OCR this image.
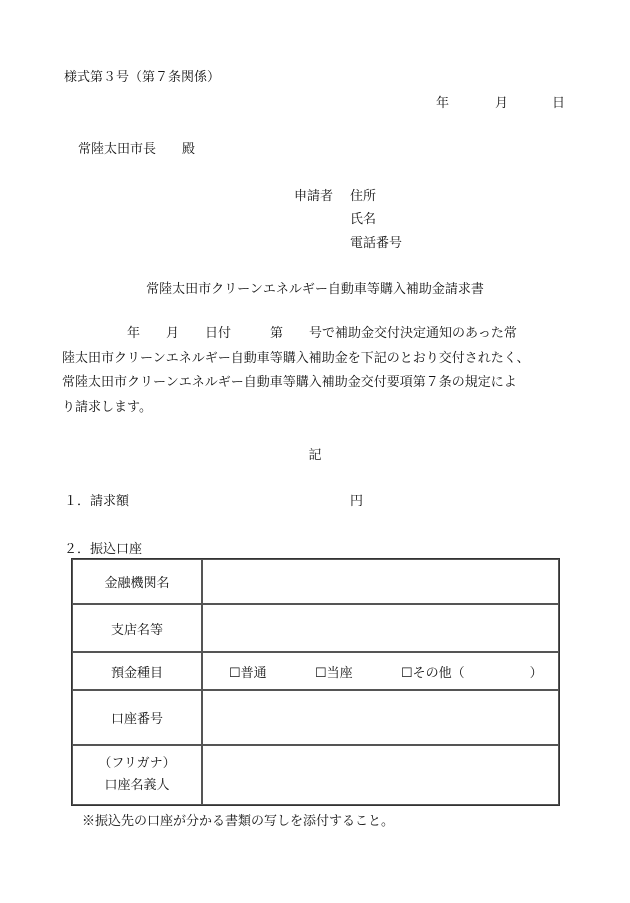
様式第３号（第７条関係）
年	月	日
常陸太田市長　　殿
申請者 住所
氏名
電話番号
常陸太田市クリーンエネルギー自動車等購入補助金請求書

　　　　　年　　月　　日付　　　第　　号で補助金交付決定通知のあった常

陸太田市クリーンエネルギー自動車等購入補助金を下記のとおり交付されたく、

常陸太田市クリーンエネルギー自動車等購入補助金交付要項第７条の規定によ

り請求します。

記
１．請求額	円
２．振込口座
金融機関名	
支店名等	
預金種目	☐普通 ☐当座 ☐その他（　　　　　）
口座番号	

（フリガナ）
口座名義人	

※振込先の口座が分かる書類の写しを添付すること。
